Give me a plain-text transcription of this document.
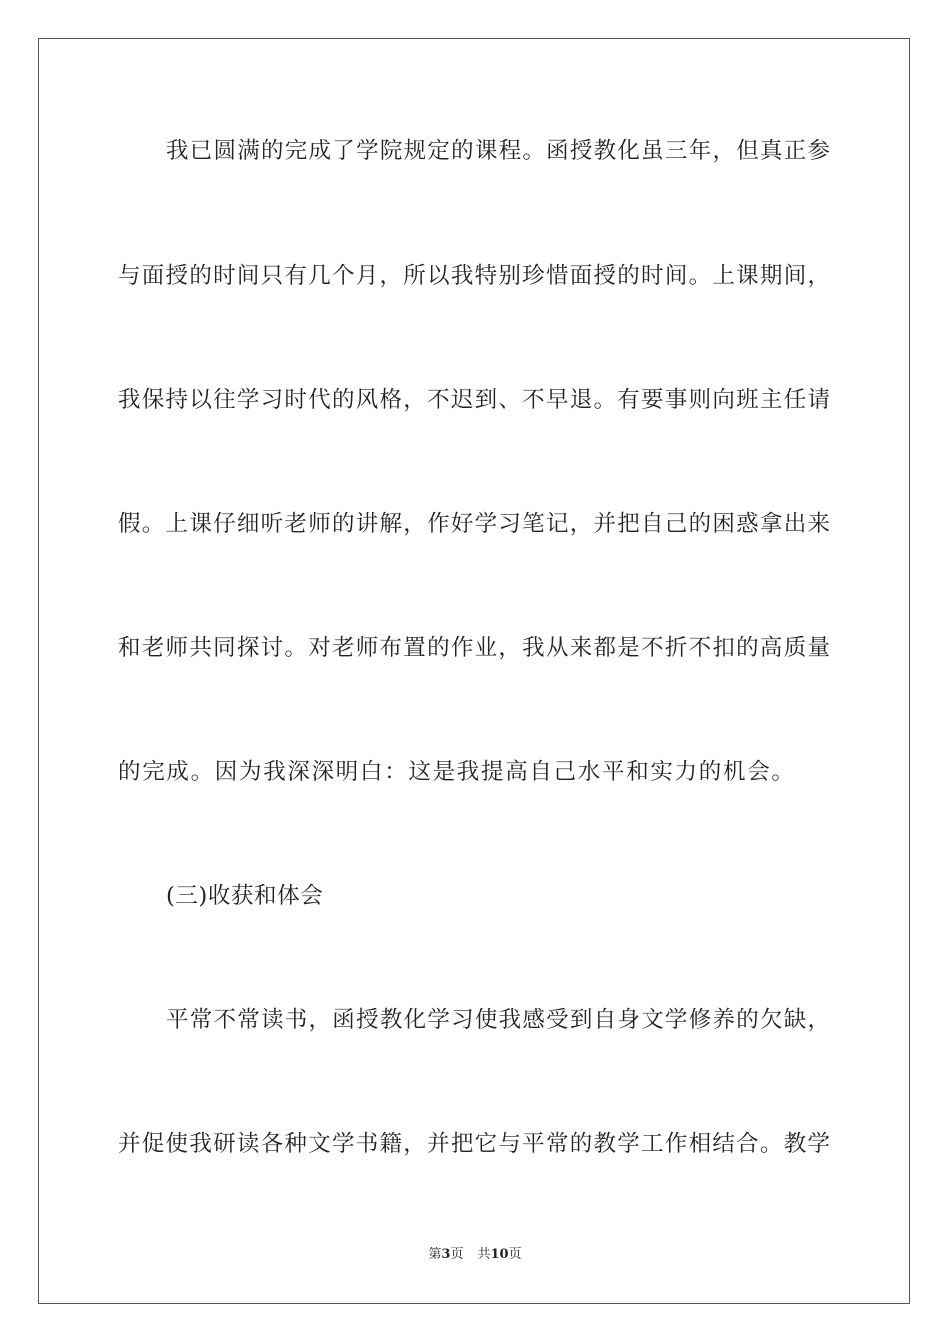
我已圆满的完成了学院规定的课程。函授教化虽三年，但真正参
与面授的时间只有几个月，所以我特别珍惜面授的时间。上课期间，
我保持以往学习时代的风格，不迟到、不早退。有要事则向班主任请
假。上课仔细听老师的讲解，作好学习笔记，并把自己的困惑拿出来
和老师共同探讨。对老师布置的作业，我从来都是不折不扣的高质量
的完成。因为我深深明白：这是我提高自己水平和实力的机会。
(三)收获和体会
平常不常读书，函授教化学习使我感受到自身文学修养的欠缺，
并促使我研读各种文学书籍，并把它与平常的教学工作相结合。教学
第3页 共10页
